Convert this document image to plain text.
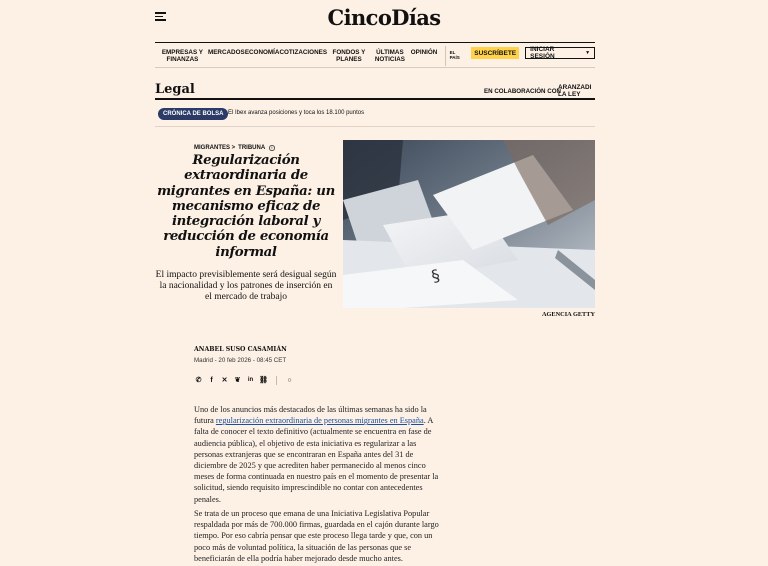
CincoDías
EMPRESAS Y
FINANZAS
MERCADOS ECONOMÍA COTIZACIONES FONDOS Y
PLANES
ÚLTIMAS
NOTICIAS
OPINIÓN	EL PAÍS
SUSCRÍBETE
INICIAR SESIÓN	▼
Legal	EN COLABORACIÓN CON
ARANZADI
LA LEY
CRÓNICA DE BOLSA El Ibex avanza posiciones y toca los 18.100 puntos
MIGRANTES > TRIBUNA	I
Regularización extraordinaria de migrantes en España: un mecanismo eficaz de integración laboral y reducción de economía informal

El impacto previsiblemente será desigual según la nacionalidad y los patrones de inserción en el mercado de trabajo

§
AGENCIA GETTY
ANABEL SUSO CASAMIÁN
Madrid - 20 feb 2026 - 08:45 CET
✆	f	✕ ❦	in ⛓	○

Uno de los anuncios más destacados de las últimas semanas ha sido la futura regularización extraordinaria de personas migrantes en España. A falta de conocer el texto definitivo (actualmente se encuentra en fase de audiencia pública), el objetivo de esta iniciativa es regularizar a las personas extranjeras que se encontraran en España antes del 31 de diciembre de 2025 y que acrediten haber permanecido al menos cinco meses de forma continuada en nuestro país en el momento de presentar la solicitud, siendo requisito imprescindible no contar con antecedentes penales.

Se trata de un proceso que emana de una Iniciativa Legislativa Popular respaldada por más de 700.000 firmas, guardada en el cajón durante largo tiempo. Por eso cabría pensar que este proceso llega tarde y que, con un poco más de voluntad política, la situación de las personas que se beneficiarán de ella podría haber mejorado desde mucho antes.
